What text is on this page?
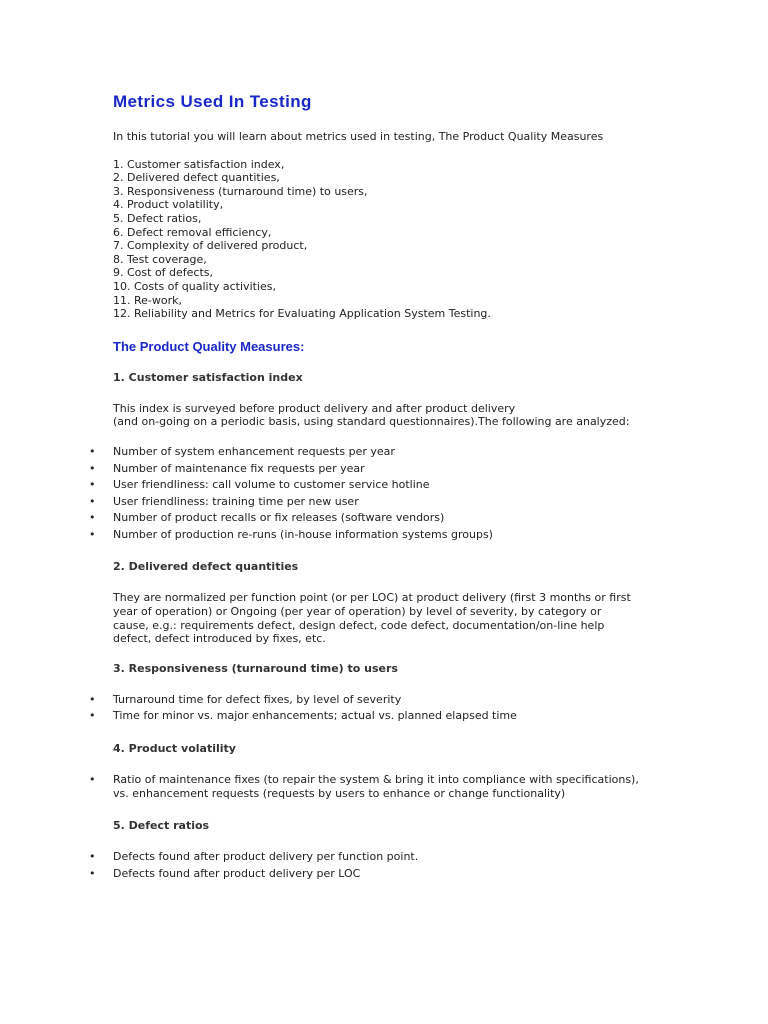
Metrics Used In Testing

In this tutorial you will learn about metrics used in testing, The Product Quality Measures

1. Customer satisfaction index,
2. Delivered defect quantities,
3. Responsiveness (turnaround time) to users,
4. Product volatility,
5. Defect ratios,
6. Defect removal efficiency,
7. Complexity of delivered product,
8. Test coverage,
9. Cost of defects,
10. Costs of quality activities,
11. Re-work,
12. Reliability and Metrics for Evaluating Application System Testing.
The Product Quality Measures:
1. Customer satisfaction index

This index is surveyed before product delivery and after product delivery
(and on-going on a periodic basis, using standard questionnaires).The following are analyzed:

• Number of system enhancement requests per year
• Number of maintenance fix requests per year
• User friendliness: call volume to customer service hotline
• User friendliness: training time per new user
• Number of product recalls or fix releases (software vendors)
• Number of production re-runs (in-house information systems groups)
2. Delivered defect quantities

They are normalized per function point (or per LOC) at product delivery (first 3 months or first
year of operation) or Ongoing (per year of operation) by level of severity, by category or
cause, e.g.: requirements defect, design defect, code defect, documentation/on-line help
defect, defect introduced by fixes, etc.

3. Responsiveness (turnaround time) to users
• Turnaround time for defect fixes, by level of severity
• Time for minor vs. major enhancements; actual vs. planned elapsed time
4. Product volatility
• Ratio of maintenance fixes (to repair the system & bring it into compliance with specifications),
vs. enhancement requests (requests by users to enhance or change functionality)
5. Defect ratios
• Defects found after product delivery per function point.
• Defects found after product delivery per LOC
